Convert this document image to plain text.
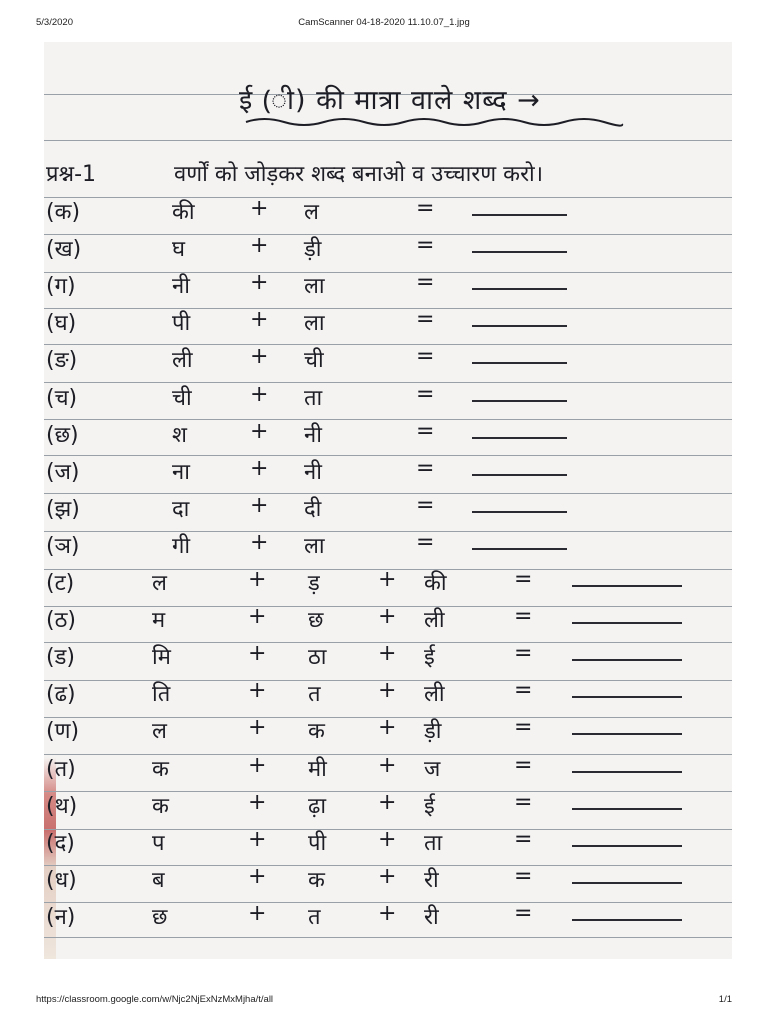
5/3/2020	CamScanner 04-18-2020 11.10.07_1.jpg
ई (ी) की मात्रा वाले शब्द →
प्रश्न-1	वर्णों को जोड़कर शब्द बनाओ व उच्चारण करो।
(क)	की	+ ल	=
(ख)	घ	+ ड़ी	=
(ग)	नी	+ ला	=
(घ)	पी	+ ला	=
(ङ)	ली	+ ची	=
(च)	ची	+ ता	=
(छ)	श	+ नी	=
(ज)	ना	+ नी	=
(झ)	दा	+ दी	=
(ञ)	गी	+ ला	=
(ट)	ल	+ ड़	+ की	=
(ठ)	म	+ छ + ली	=
(ड)	मि	+ ठा + ई	=
(ढ)	ति	+ त	+ ली	=
(ण)	ल	+ क + ड़ी	=
(त)	क	+ मी + ज	=
(थ)	क	+ ढ़ा + ई	=
(द)	प	+ पी + ता	=
(ध)	ब	+ क + री	=
(न)	छ	+ त	+ री	=
https://classroom.google.com/w/Njc2NjExNzMxMjha/t/all	1/1
